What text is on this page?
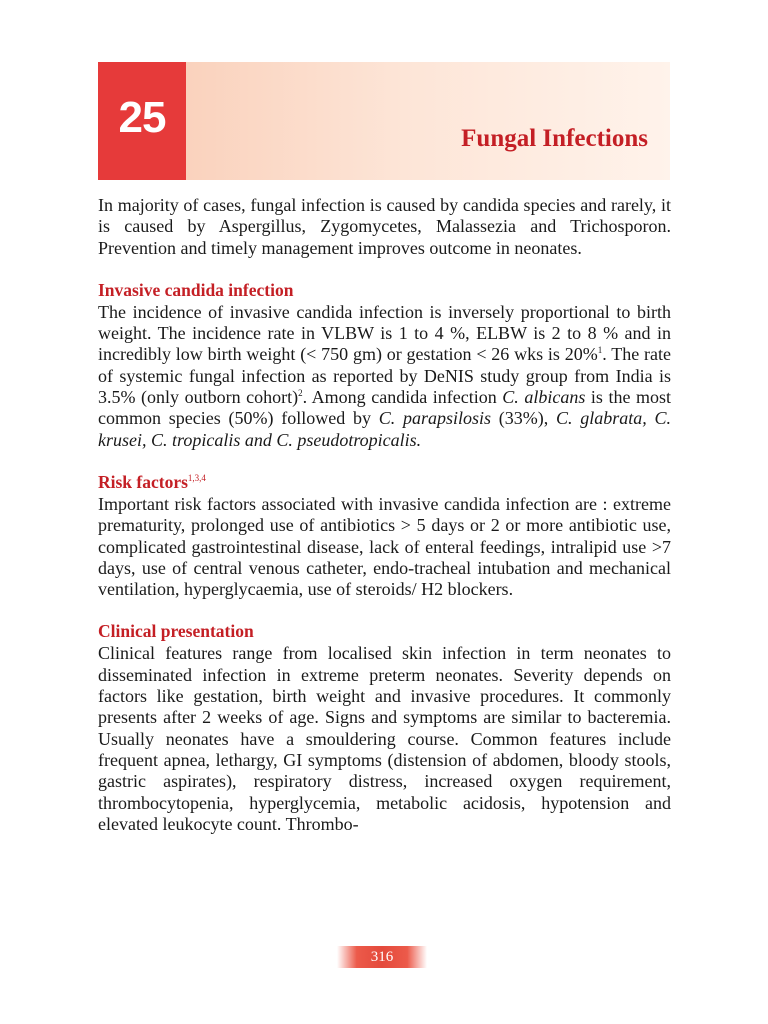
25	Fungal Infections

In majority of cases, fungal infection is caused by candida species and rarely, it is caused by Aspergillus, Zygomycetes, Malassezia and Trichosporon. Prevention and timely management improves outcome in neonates.

Invasive candida infection

The incidence of invasive candida infection is inversely proportional to birth weight. The incidence rate in VLBW is 1 to 4 %, ELBW is 2 to 8 % and in incredibly low birth weight (< 750 gm) or gestation < 26 wks is 20%$^1$. The rate of systemic fungal infection as reported by DeNIS study group from India is 3.5% (only outborn cohort)$^2$. Among candida infection C. albicans is the most common species (50%) followed by C. parapsilosis (33%), C. glabrata, C. krusei, C. tropicalis and C. pseudotropicalis.

Risk factors$^{1,3,4}$

Important risk factors associated with invasive candida infection are : extreme prematurity, prolonged use of antibiotics > 5 days or 2 or more antibiotic use, complicated gastrointestinal disease, lack of enteral feedings, intralipid use >7 days, use of central venous catheter, endo-tracheal intubation and mechanical ventilation, hyperglycaemia, use of steroids/ H2 blockers.

Clinical presentation

Clinical features range from localised skin infection in term neonates to disseminated infection in extreme preterm neonates. Severity depends on factors like gestation, birth weight and invasive procedures. It commonly presents after 2 weeks of age. Signs and symptoms are similar to bacteremia. Usually neonates have a smouldering course. Common features include frequent apnea, lethargy, GI symptoms (distension of abdomen, bloody stools, gastric aspirates), respiratory distress, increased oxygen requirement, thrombocytopenia, hyperglycemia, metabolic acidosis, hypotension and elevated leukocyte count. Thrombo-

316
